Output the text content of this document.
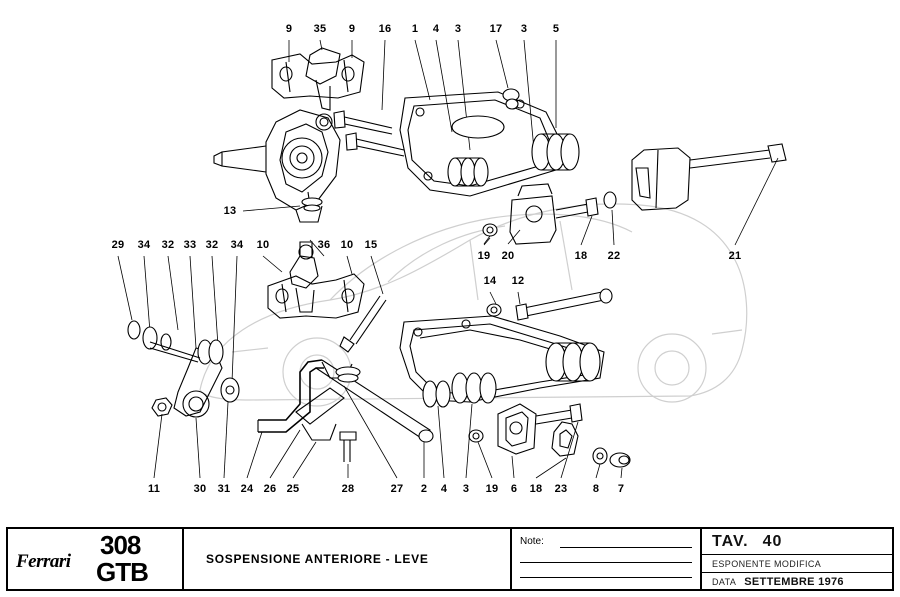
9 35 9 16 1 4 3	17 3 5
13
29 34 32 33 32 34 10	36 10 15
19 20	18 22	21
14 12
11	30 31 24 26 25	28	27 2 4 3 19 6 18 23 8 7
Ferrari
308
GTB	SOSPENSIONE ANTERIORE - LEVE
Note:	TAV. 40
ESPONENTE MODIFICA
DATA SETTEMBRE 1976
